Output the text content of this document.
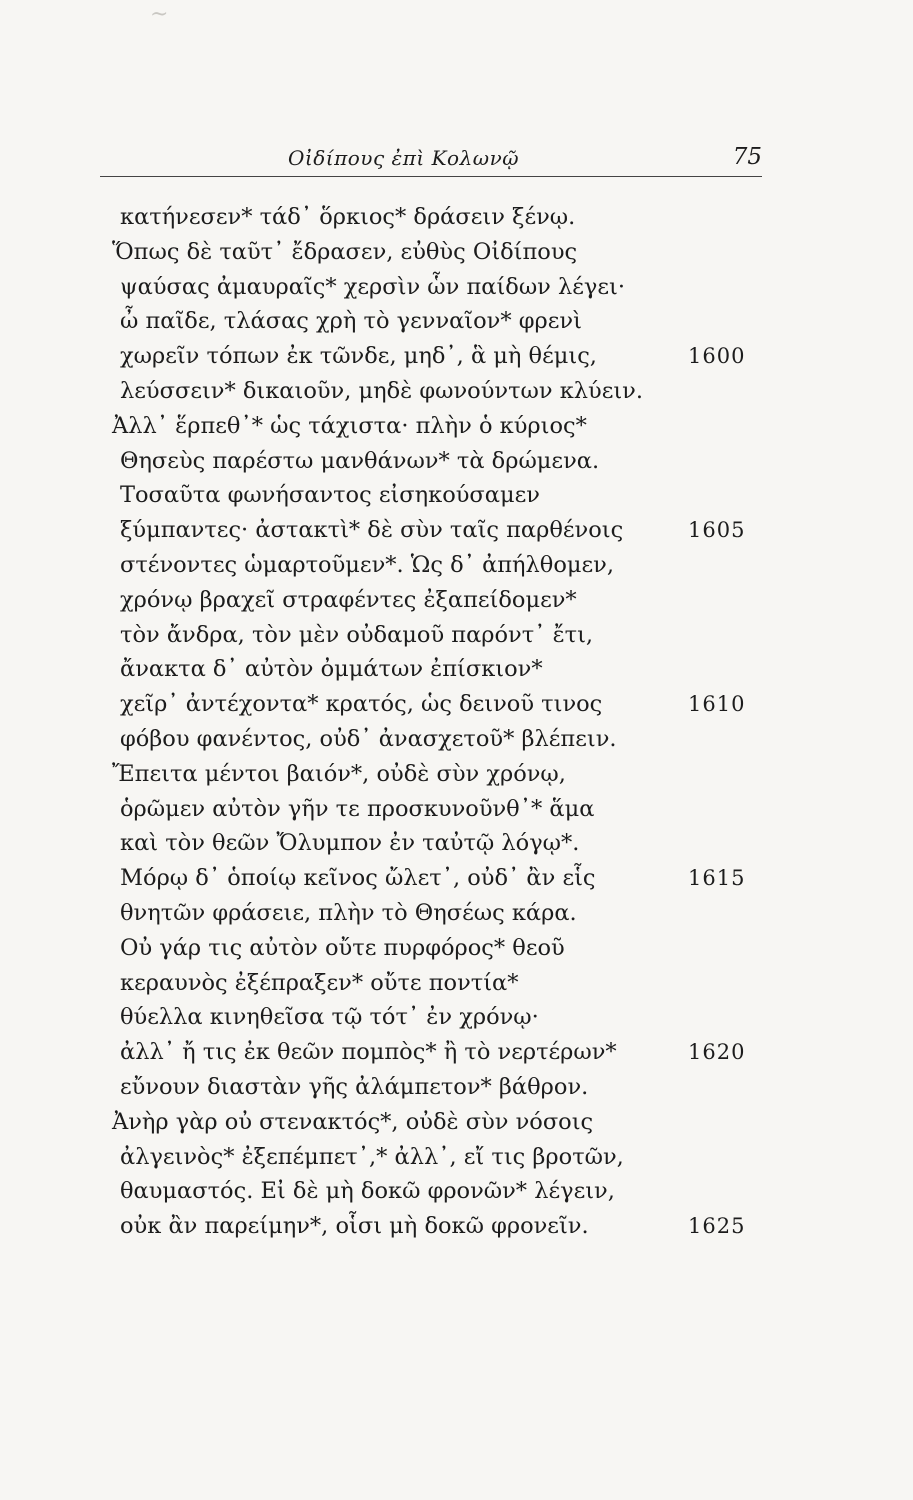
~
Οἰδίπους ἐπὶ Κολωνῷ	75
κατήνεσεν* τάδ᾽ ὅρκιος* δράσειν ξένῳ.
Ὅπως δὲ ταῦτ᾽ ἔδρασεν, εὐθὺς Οἰδίπους
ψαύσας ἀμαυραῖς* χερσὶν ὧν παίδων λέγει·
ὦ παῖδε, τλάσας χρὴ τὸ γενναῖον* φρενὶ
χωρεῖν τόπων ἐκ τῶνδε, μηδ᾽, ἃ μὴ θέμις,	1600
λεύσσειν* δικαιοῦν, μηδὲ φωνούντων κλύειν.
Ἀλλ᾽ ἕρπεθ᾽* ὡς τάχιστα· πλὴν ὁ κύριος*
Θησεὺς παρέστω μανθάνων* τὰ δρώμενα.
Τοσαῦτα φωνήσαντος εἰσηκούσαμεν
ξύμπαντες· ἀστακτὶ* δὲ σὺν ταῖς παρθένοις	1605
στένοντες ὡμαρτοῦμεν*. Ὡς δ᾽ ἀπήλθομεν,
χρόνῳ βραχεῖ στραφέντες ἐξαπείδομεν*
τὸν ἄνδρα, τὸν μὲν οὐδαμοῦ παρόντ᾽ ἔτι,
ἄνακτα δ᾽ αὐτὸν ὀμμάτων ἐπίσκιον*
χεῖρ᾽ ἀντέχοντα* κρατός, ὡς δεινοῦ τινος	1610
φόβου φανέντος, οὐδ᾽ ἀνασχετοῦ* βλέπειν.
Ἔπειτα μέντοι βαιόν*, οὐδὲ σὺν χρόνῳ,
ὁρῶμεν αὐτὸν γῆν τε προσκυνοῦνθ᾽* ἅμα
καὶ τὸν θεῶν Ὄλυμπον ἐν ταὐτῷ λόγῳ*.
Μόρῳ δ᾽ ὁποίῳ κεῖνος ὤλετ᾽, οὐδ᾽ ἂν εἷς	1615
θνητῶν φράσειε, πλὴν τὸ Θησέως κάρα.
Οὐ γάρ τις αὐτὸν οὔτε πυρφόρος* θεοῦ
κεραυνὸς ἐξέπραξεν* οὔτε ποντία*
θύελλα κινηθεῖσα τῷ τότ᾽ ἐν χρόνῳ·
ἀλλ᾽ ἤ τις ἐκ θεῶν πομπὸς* ἢ τὸ νερτέρων*	1620
εὔνουν διαστὰν γῆς ἀλάμπετον* βάθρον.
Ἀνὴρ γὰρ οὐ στενακτός*, οὐδὲ σὺν νόσοις
ἀλγεινὸς* ἐξεπέμπετ᾽,* ἀλλ᾽, εἴ τις βροτῶν,
θαυμαστός. Εἰ δὲ μὴ δοκῶ φρονῶν* λέγειν,
οὐκ ἂν παρείμην*, οἷσι μὴ δοκῶ φρονεῖν.	1625
